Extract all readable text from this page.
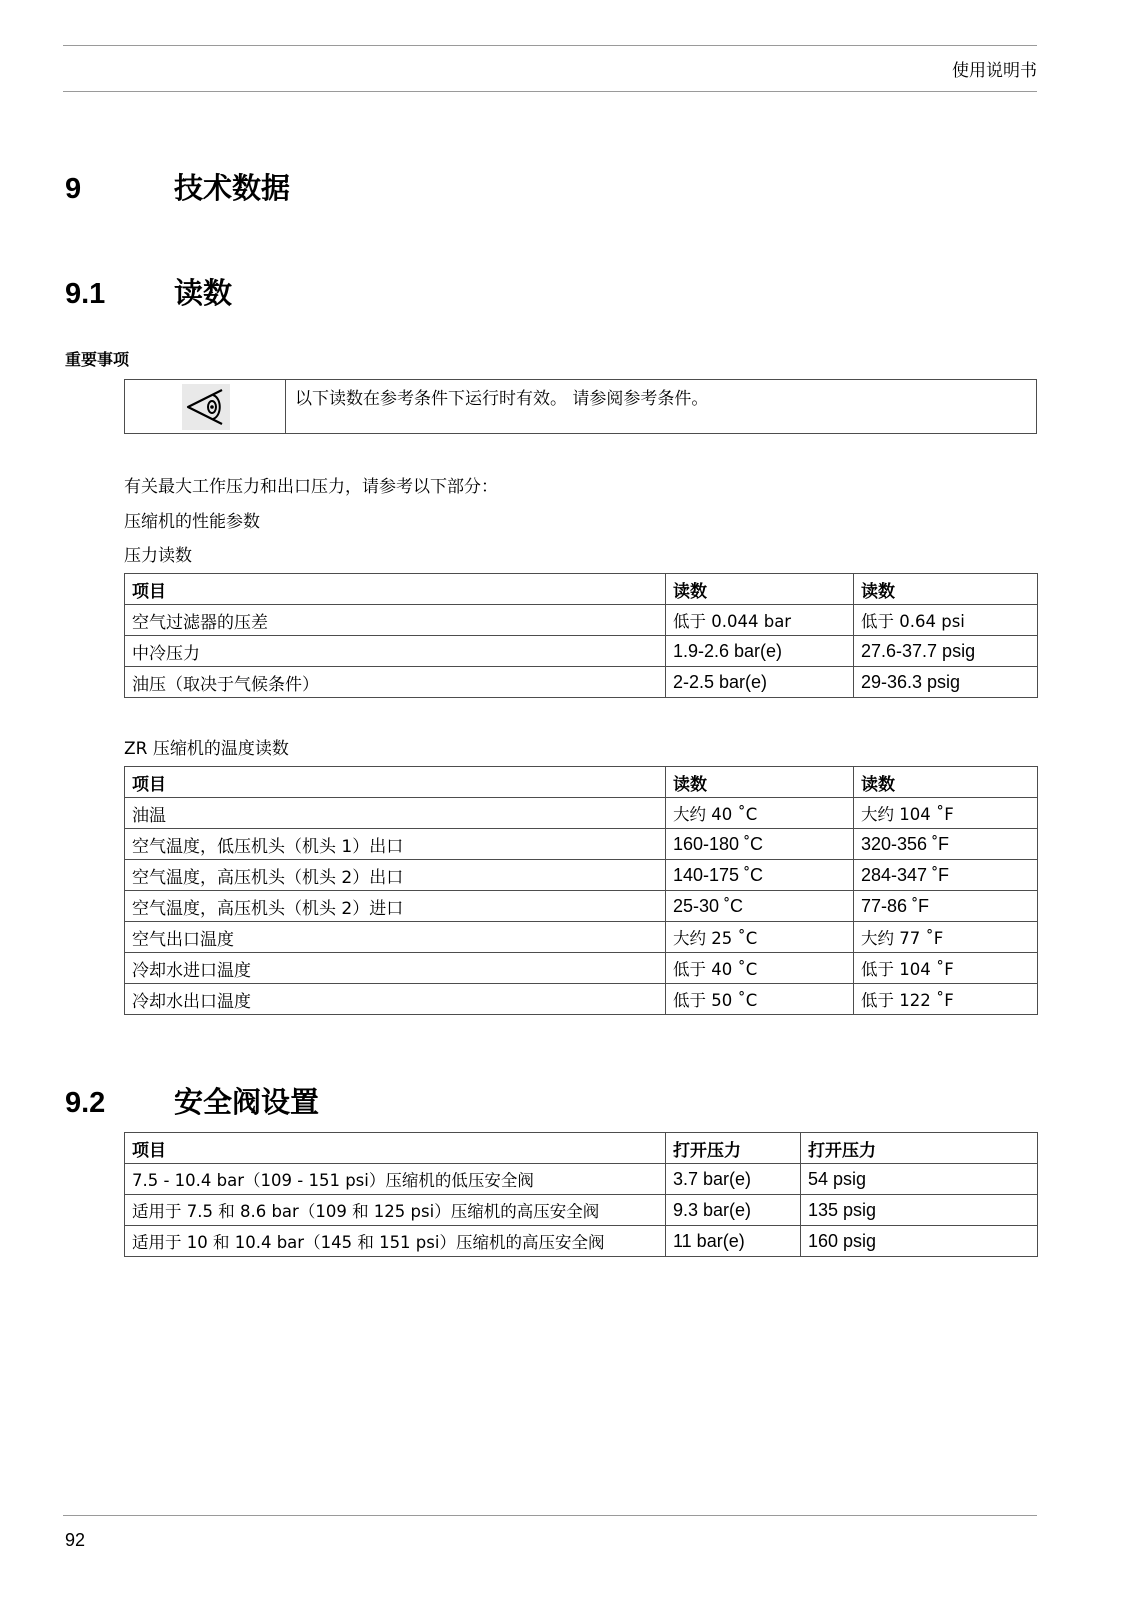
使用说明书
9	技术数据
9.1 读数
重要事项
以下读数在参考条件下运行时有效。 请参阅参考条件。
有关最大工作压力和出口压力，请参考以下部分：
压缩机的性能参数
压力读数
项目	读数	读数
空气过滤器的压差	低于 0.044 bar	低于 0.64 psi
中冷压力	1.9-2.6 bar(e)	27.6-37.7 psig
油压（取决于气候条件）	2-2.5 bar(e)	29-36.3 psig
ZR 压缩机的温度读数
项目	读数	读数
油温	大约 40 ˚C	大约 104 ˚F
空气温度，低压机头（机头 1）出口	160-180 ˚C	320-356 ˚F
空气温度，高压机头（机头 2）出口	140-175 ˚C	284-347 ˚F
空气温度，高压机头（机头 2）进口	25-30 ˚C	77-86 ˚F
空气出口温度	大约 25 ˚C	大约 77 ˚F
冷却水进口温度	低于 40 ˚C	低于 104 ˚F
冷却水出口温度	低于 50 ˚C	低于 122 ˚F
9.2 安全阀设置
项目	打开压力	打开压力
7.5 - 10.4 bar（109 - 151 psi）压缩机的低压安全阀	3.7 bar(e)	54 psig
适用于 7.5 和 8.6 bar（109 和 125 psi）压缩机的高压安全阀	9.3 bar(e)	135 psig
适用于 10 和 10.4 bar（145 和 151 psi）压缩机的高压安全阀	11 bar(e)	160 psig
92
